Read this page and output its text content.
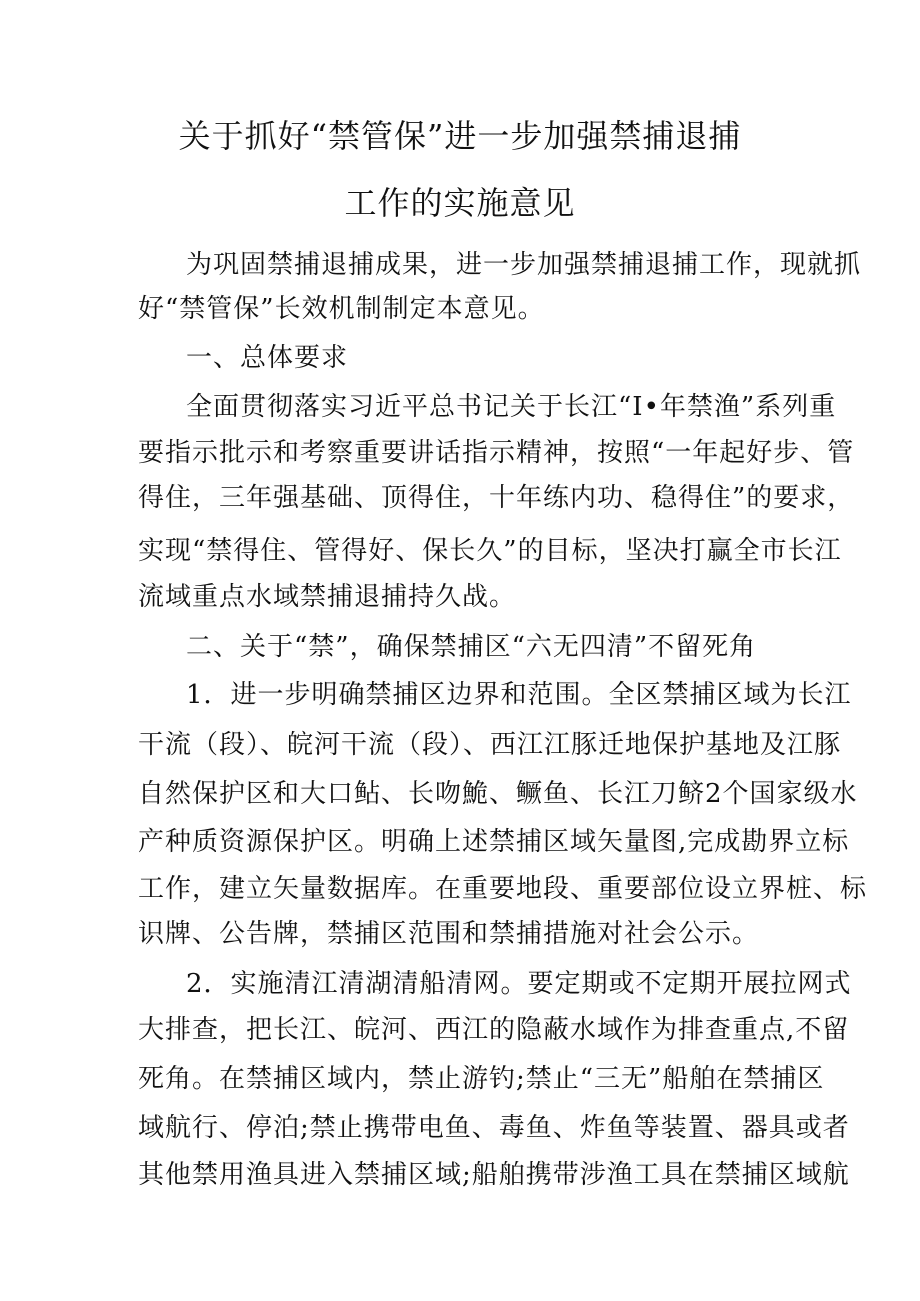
关于抓好“禁管保”进一步加强禁捕退捕
工作的实施意见
为巩固禁捕退捕成果，进一步加强禁捕退捕工作，现就抓
好“禁管保”长效机制制定本意见。
一、总体要求
全面贯彻落实习近平总书记关于长江“I•年禁渔”系列重
要指示批示和考察重要讲话指示精神，按照“一年起好步、管
得住，三年强基础、顶得住，十年练内功、稳得住”的要求，
实现“禁得住、管得好、保长久”的目标，坚决打赢全市长江
流域重点水域禁捕退捕持久战。
二、关于“禁”，确保禁捕区“六无四清”不留死角
1．进一步明确禁捕区边界和范围。全区禁捕区域为长江
干流（段）、皖河干流（段）、西江江豚迁地保护基地及江豚
自然保护区和大口鲇、长吻鮠、鳜鱼、长江刀鲚2个国家级水
产种质资源保护区。明确上述禁捕区域矢量图,完成勘界立标
工作，建立矢量数据库。在重要地段、重要部位设立界桩、标
识牌、公告牌，禁捕区范围和禁捕措施对社会公示。
2．实施清江清湖清船清网。要定期或不定期开展拉网式
大排查，把长江、皖河、西江的隐蔽水域作为排查重点,不留
死角。在禁捕区域内，禁止游钓;禁止“三无”船舶在禁捕区
域航行、停泊;禁止携带电鱼、毒鱼、炸鱼等装置、器具或者
其他禁用渔具进入禁捕区域;船舶携带涉渔工具在禁捕区域航
